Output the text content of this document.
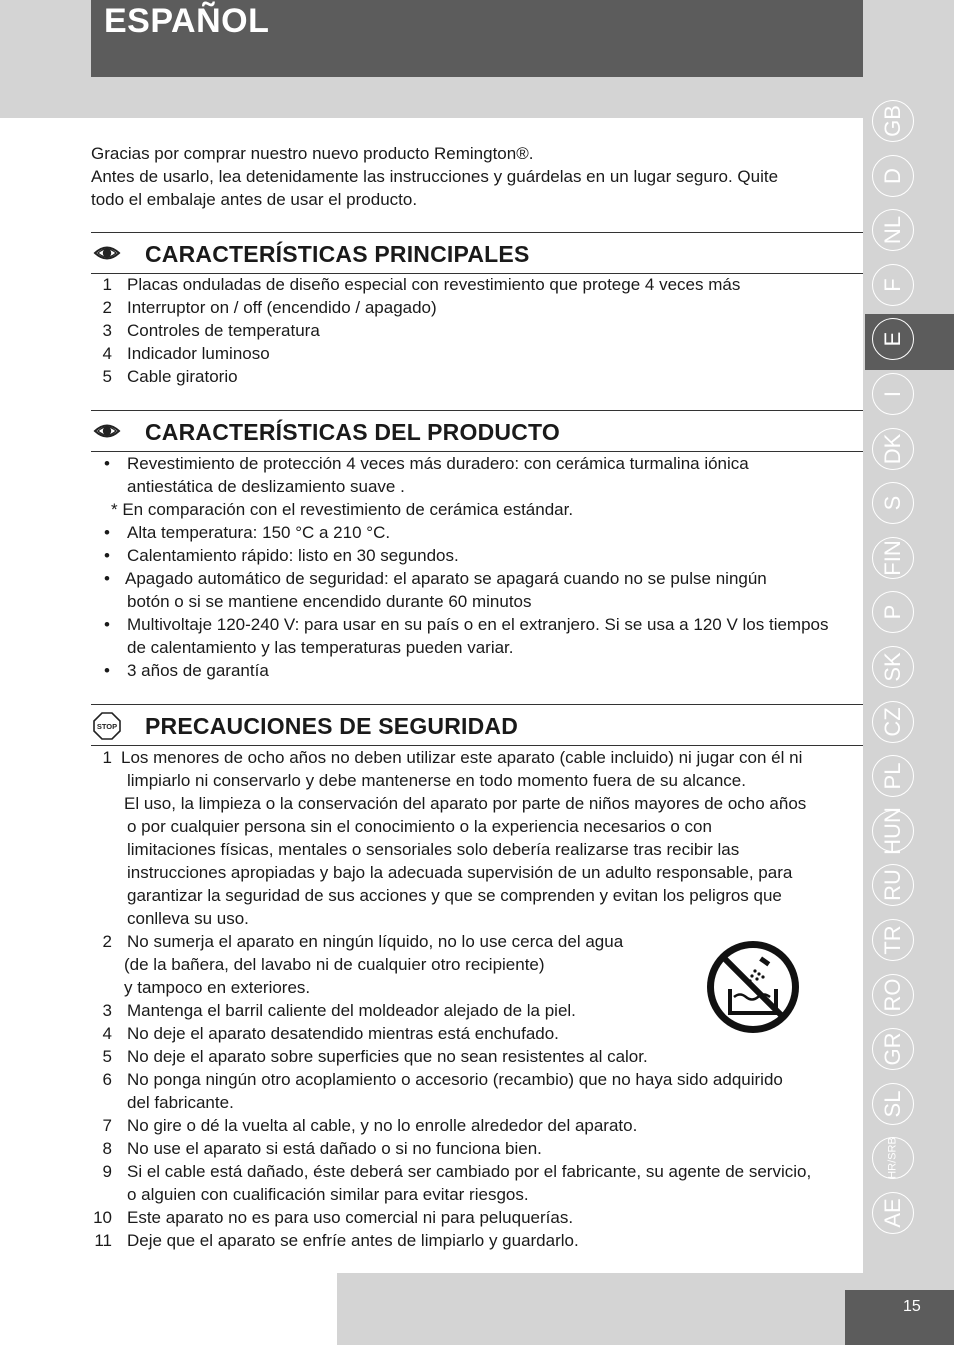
ESPAÑOL
Gracias por comprar nuestro nuevo producto Remington®.
Antes de usarlo, lea detenidamente las instrucciones y guárdelas en un lugar seguro. Quite
todo el embalaje antes de usar el producto.
CARACTERÍSTICAS PRINCIPALES
1 Placas onduladas de diseño especial con revestimiento que protege 4 veces más
2 Interruptor on / off (encendido / apagado)
3 Controles de temperatura
4 Indicador luminoso
5 Cable giratorio
CARACTERÍSTICAS DEL PRODUCTO
• Revestimiento de protección 4 veces más duradero: con cerámica turmalina iónica
antiestática de deslizamiento suave .
* En comparación con el revestimiento de cerámica estándar.
• Alta temperatura: 150 °C a 210 °C.
• Calentamiento rápido: listo en 30 segundos.
• Apagado automático de seguridad: el aparato se apagará cuando no se pulse ningún
botón o si se mantiene encendido durante 60 minutos
• Multivoltaje 120-240 V: para usar en su país o en el extranjero. Si se usa a 120 V los tiempos
de calentamiento y las temperaturas pueden variar.
• 3 años de garantía
STOP PRECAUCIONES DE SEGURIDAD
1 Los menores de ocho años no deben utilizar este aparato (cable incluido) ni jugar con él ni
limpiarlo ni conservarlo y debe mantenerse en todo momento fuera de su alcance.
El uso, la limpieza o la conservación del aparato por parte de niños mayores de ocho años
o por cualquier persona sin el conocimiento o la experiencia necesarios o con
limitaciones físicas, mentales o sensoriales solo debería realizarse tras recibir las
instrucciones apropiadas y bajo la adecuada supervisión de un adulto responsable, para
garantizar la seguridad de sus acciones y que se comprenden y evitan los peligros que
conlleva su uso.
2 No sumerja el aparato en ningún líquido, no lo use cerca del agua
(de la bañera, del lavabo ni de cualquier otro recipiente)
y tampoco en exteriores.
3 Mantenga el barril caliente del moldeador alejado de la piel.
4 No deje el aparato desatendido mientras está enchufado.
5 No deje el aparato sobre superficies que no sean resistentes al calor.
6 No ponga ningún otro acoplamiento o accesorio (recambio) que no haya sido adquirido
del fabricante.
7 No gire o dé la vuelta al cable, y no lo enrolle alrededor del aparato.
8 No use el aparato si está dañado o si no funciona bien.
9 Si el cable está dañado, éste deberá ser cambiado por el fabricante, su agente de servicio,
o alguien con cualificación similar para evitar riesgos.
10 Este aparato no es para uso comercial ni para peluquerías.
11 Deje que el aparato se enfríe antes de limpiarlo y guardarlo.
GB
D
NL
F
E
I
DK
S
FIN
P
SK
CZ
PL
HUN
RU
TR
RO
GR
SL
HR/SRB
AE
15
